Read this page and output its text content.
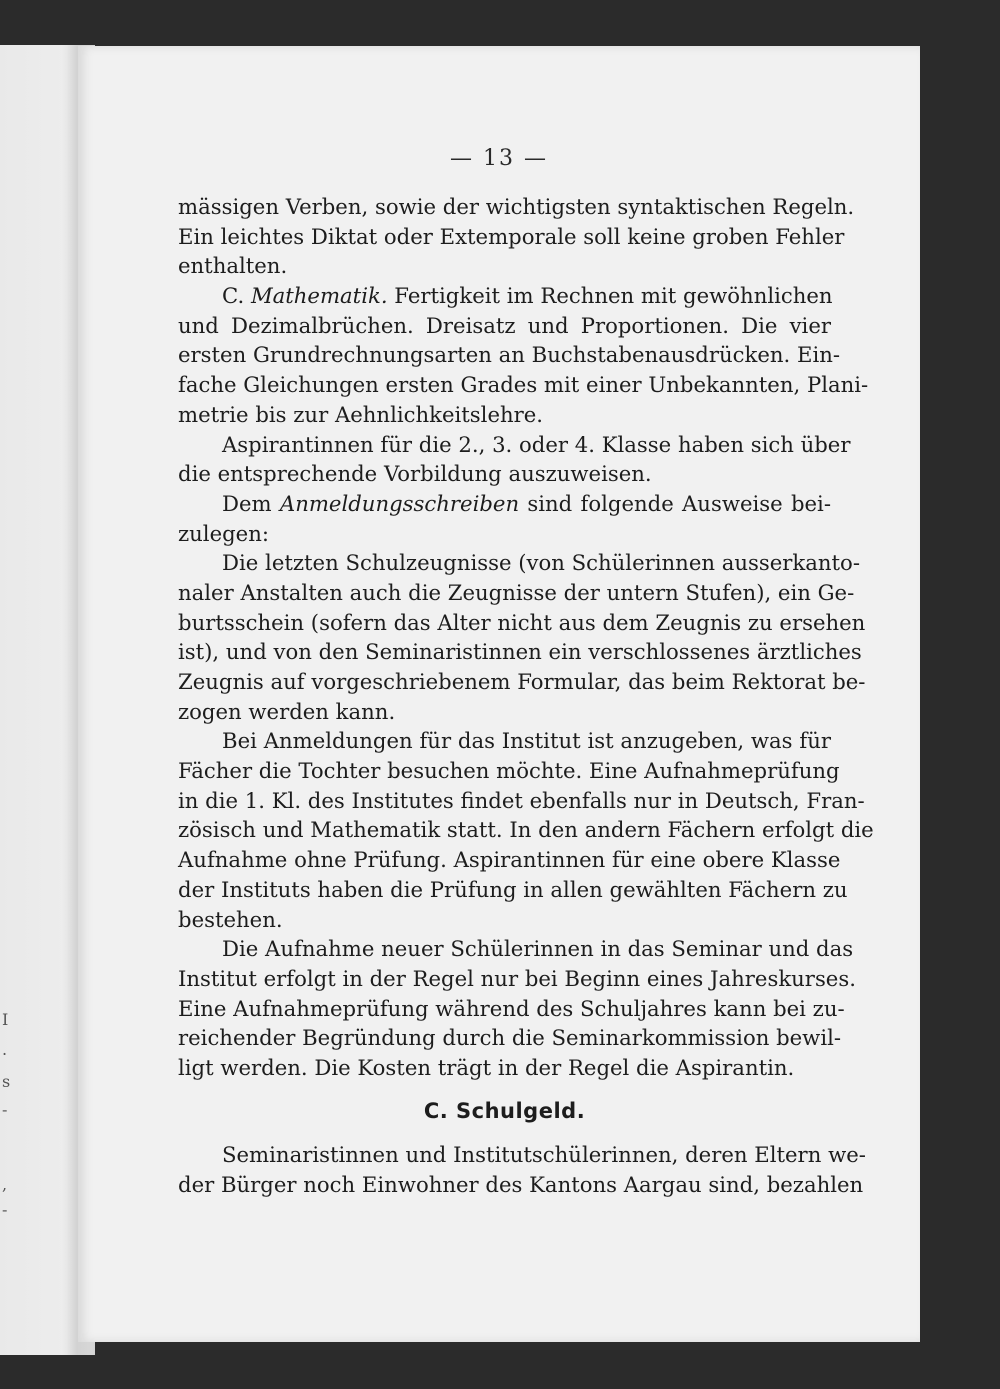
I
.
s
-
,
-
— 13 —
mässigen Verben, sowie der wichtigsten syntaktischen Regeln.
Ein leichtes Diktat oder Extemporale soll keine groben Fehler
enthalten.
C. Mathematik. Fertigkeit im Rechnen mit gewöhnlichen
und Dezimalbrüchen. Dreisatz und Proportionen. Die vier
ersten Grundrechnungsarten an Buchstabenausdrücken. Ein-
fache Gleichungen ersten Grades mit einer Unbekannten, Plani-
metrie bis zur Aehnlichkeitslehre.
Aspirantinnen für die 2., 3. oder 4. Klasse haben sich über
die entsprechende Vorbildung auszuweisen.
Dem Anmeldungsschreiben sind folgende Ausweise bei-
zulegen:
Die letzten Schulzeugnisse (von Schülerinnen ausserkanto-
naler Anstalten auch die Zeugnisse der untern Stufen), ein Ge-
burtsschein (sofern das Alter nicht aus dem Zeugnis zu ersehen
ist), und von den Seminaristinnen ein verschlossenes ärztliches
Zeugnis auf vorgeschriebenem Formular, das beim Rektorat be-
zogen werden kann.
Bei Anmeldungen für das Institut ist anzugeben, was für
Fächer die Tochter besuchen möchte. Eine Aufnahmeprüfung
in die 1. Kl. des Institutes findet ebenfalls nur in Deutsch, Fran-
zösisch und Mathematik statt. In den andern Fächern erfolgt die
Aufnahme ohne Prüfung. Aspirantinnen für eine obere Klasse
der Instituts haben die Prüfung in allen gewählten Fächern zu
bestehen.
Die Aufnahme neuer Schülerinnen in das Seminar und das
Institut erfolgt in der Regel nur bei Beginn eines Jahreskurses.
Eine Aufnahmeprüfung während des Schuljahres kann bei zu-
reichender Begründung durch die Seminarkommission bewil-
ligt werden. Die Kosten trägt in der Regel die Aspirantin.
C. Schulgeld.
Seminaristinnen und Institutschülerinnen, deren Eltern we-
der Bürger noch Einwohner des Kantons Aargau sind, bezahlen
